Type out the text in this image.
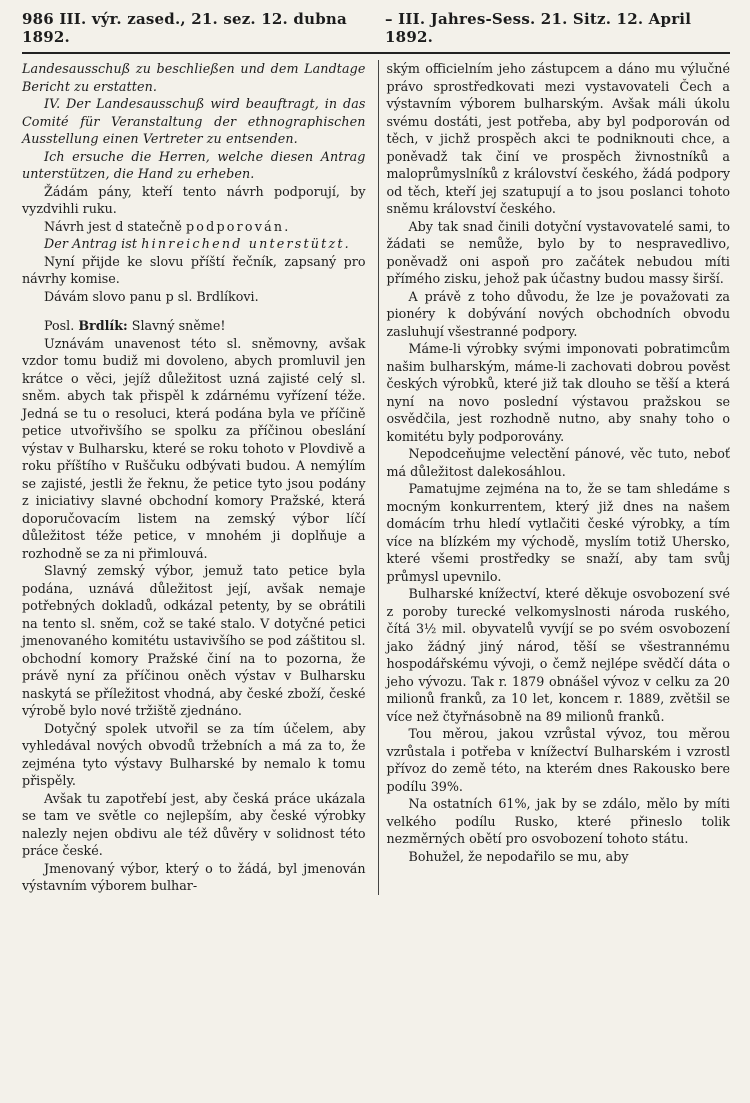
986 III. výr. zased., 21. sez. 12. dubna 1892.
– III. Jahres-Sess. 21. Sitz. 12. April 1892.

Landesausschuß zu beschließen und dem Landtage Bericht zu erstatten.

IV. Der Landesausschuß wird beauftragt, in das Comité für Veranstaltung der ethnographischen Ausstellung einen Vertreter zu entsenden.

Ich ersuche die Herren, welche diesen Antrag unterstützen, die Hand zu erheben.

Žádám pány, kteří tento návrh podporují, by vyzdvihli ruku.

Návrh jest d statečně podporován.

Der Antrag ist hinreichend unterstützt.

Nyní přijde ke slovu příští řečník, zapsaný pro návrhy komise.

Dávám slovo panu p sl. Brdlíkovi.

Posl. Brdlík: Slavný sněme!

Uznávám unavenost této sl. sněmovny, avšak vzdor tomu budiž mi dovoleno, abych promluvil jen krátce o věci, jejíž důležitost uzná zajisté celý sl. sněm. abych tak přispěl k zdárnému vyřízení téže. Jedná se tu o resoluci, která podána byla ve příčině petice utvořivšího se spolku za příčinou obeslání výstav v Bulharsku, které se roku tohoto v Plovdivě a roku příštího v Ruščuku odbývati budou. A nemýlím se zajisté, jestli že řeknu, že petice tyto jsou podány z iniciativy slavné obchodní komory Pražské, která doporučovacím listem na zemský výbor líčí důležitost téže petice, v mnohém ji doplňuje a rozhodně se za ni přimlouvá.

Slavný zemský výbor, jemuž tato petice byla podána, uznává důležitost její, avšak nemaje potřebných dokladů, odkázal petenty, by se obrátili na tento sl. sněm, což se také stalo. V dotyčné petici jmenovaného komitétu ustavivšího se pod záštitou sl. obchodní komory Pražské činí na to pozorna, že právě nyní za příčinou oněch výstav v Bulharsku naskytá se příležitost vhodná, aby české zboží, české výrobě bylo nové tržiště zjednáno.

Dotyčný spolek utvořil se za tím účelem, aby vyhledával nových obvodů tržebních a má za to, že zejména tyto výstavy Bulharské by nemalo k tomu přispěly.

Avšak tu zapotřebí jest, aby česká práce ukázala se tam ve světle co nejlepším, aby české výrobky nalezly nejen obdivu ale též důvěry v solidnost této práce české.

Jmenovaný výbor, který o to žádá, byl jmenován výstavním výborem bulhar-

ským officielním jeho zástupcem a dáno mu výlučné právo sprostředkovati mezi vystavovateli Čech a výstavním výborem bulharským. Avšak máli úkolu svému dostáti, jest potřeba, aby byl podporován od těch, v jichž prospěch akci te podniknouti chce, a poněvadž tak činí ve prospěch živnostníků a maloprůmyslníků z království českého, žádá podpory od těch, kteří jej szatupují a to jsou poslanci tohoto sněmu království českého.

Aby tak snad činili dotyční vystavovatelé sami, to žádati se nemůže, bylo by to nespravedlivo, poněvadž oni aspoň pro začátek nebudou míti přímého zisku, jehož pak účastny budou massy širší.

A právě z toho důvodu, že lze je považovati za pionéry k dobývání nových obchodních obvodu zasluhují všestranné podpory.

Máme-li výrobky svými imponovati pobratimcům našim bulharským, máme-li zachovati dobrou pověst českých výrobků, které již tak dlouho se těší a která nyní na novo poslední výstavou pražskou se osvědčila, jest rozhodně nutno, aby snahy toho o komitétu byly podporovány.

Nepodceňujme velectění pánové, věc tuto, neboť má důležitost dalekosáhlou.

Pamatujme zejména na to, že se tam shledáme s mocným konkurrentem, který již dnes na našem domácím trhu hledí vytlačiti české výrobky, a tím více na blízkém my východě, myslím totiž Uhersko, které všemi prostředky se snaží, aby tam svůj průmysl upevnilo.

Bulharské knížectví, které děkuje osvobození své z poroby turecké velkomyslnosti národa ruského, čítá 3½ mil. obyvatelů vyvíjí se po svém osvobození jako žádný jiný národ, těší se všestrannému hospodářskému vývoji, o čemž nejlépe svědčí dáta o jeho vývozu. Tak r. 1879 obnášel vývoz v celku za 20 milionů franků, za 10 let, koncem r. 1889, zvětšil se více než čtyřnásobně na 89 milionů franků.

Tou měrou, jakou vzrůstal vývoz, tou měrou vzrůstala i potřeba v knížectví Bulharském i vzrostl přívoz do země této, na kterém dnes Rakousko bere podílu 39%.

Na ostatních 61%, jak by se zdálo, mělo by míti velkého podílu Rusko, které přineslo tolik nezměrných obětí pro osvobození tohoto státu.

Bohužel, že nepodařilo se mu, aby
